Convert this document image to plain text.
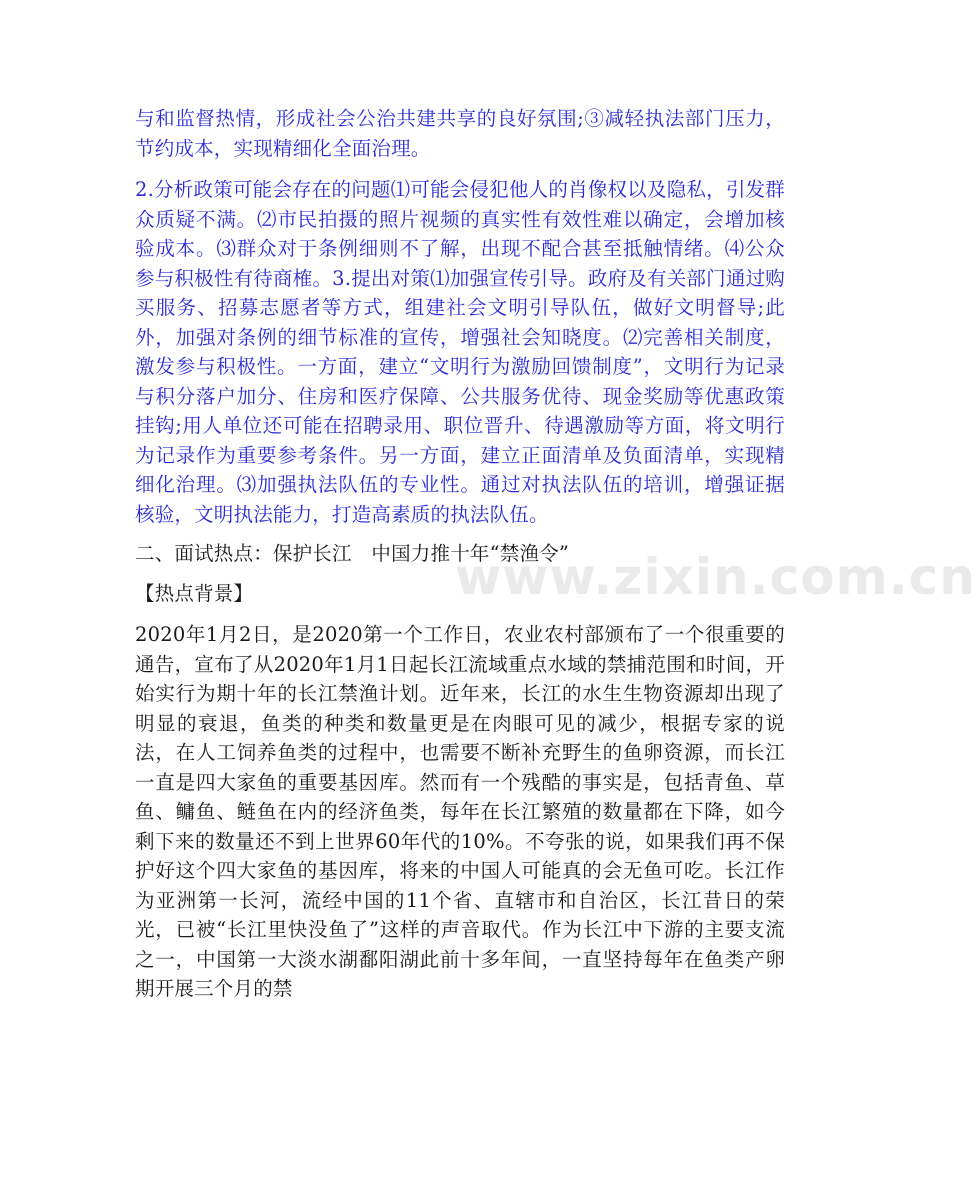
与和监督热情，形成社会公治共建共享的良好氛围;③减轻执法部门压力，节约成本，实现精细化全面治理。

2.分析政策可能会存在的问题⑴可能会侵犯他人的肖像权以及隐私，引发群众质疑不满。⑵市民拍摄的照片视频的真实性有效性难以确定，会增加核验成本。⑶群众对于条例细则不了解，出现不配合甚至抵触情绪。⑷公众参与积极性有待商榷。3.提出对策⑴加强宣传引导。政府及有关部门通过购买服务、招募志愿者等方式，组建社会文明引导队伍，做好文明督导;此外，加强对条例的细节标准的宣传，增强社会知晓度。⑵完善相关制度，激发参与积极性。一方面，建立“文明行为激励回馈制度”，文明行为记录与积分落户加分、住房和医疗保障、公共服务优待、现金奖励等优惠政策挂钩;用人单位还可能在招聘录用、职位晋升、待遇激励等方面，将文明行为记录作为重要参考条件。另一方面，建立正面清单及负面清单，实现精细化治理。⑶加强执法队伍的专业性。通过对执法队伍的培训，增强证据核验，文明执法能力，打造高素质的执法队伍。

二、面试热点：保护长江　中国力推十年“禁渔令”

【热点背景】

2020年1月2日，是2020第一个工作日，农业农村部颁布了一个很重要的通告，宣布了从2020年1月1日起长江流域重点水域的禁捕范围和时间，开始实行为期十年的长江禁渔计划。近年来，长江的水生生物资源却出现了明显的衰退，鱼类的种类和数量更是在肉眼可见的减少，根据专家的说法，在人工饲养鱼类的过程中，也需要不断补充野生的鱼卵资源，而长江一直是四大家鱼的重要基因库。然而有一个残酷的事实是，包括青鱼、草鱼、鳙鱼、鲢鱼在内的经济鱼类，每年在长江繁殖的数量都在下降，如今剩下来的数量还不到上世界60年代的10%。不夸张的说，如果我们再不保护好这个四大家鱼的基因库，将来的中国人可能真的会无鱼可吃。长江作为亚洲第一长河，流经中国的11个省、直辖市和自治区，长江昔日的荣光，已被“长江里快没鱼了”这样的声音取代。作为长江中下游的主要支流之一，中国第一大淡水湖鄱阳湖此前十多年间，一直坚持每年在鱼类产卵期开展三个月的禁

www.zixin.com.cn
